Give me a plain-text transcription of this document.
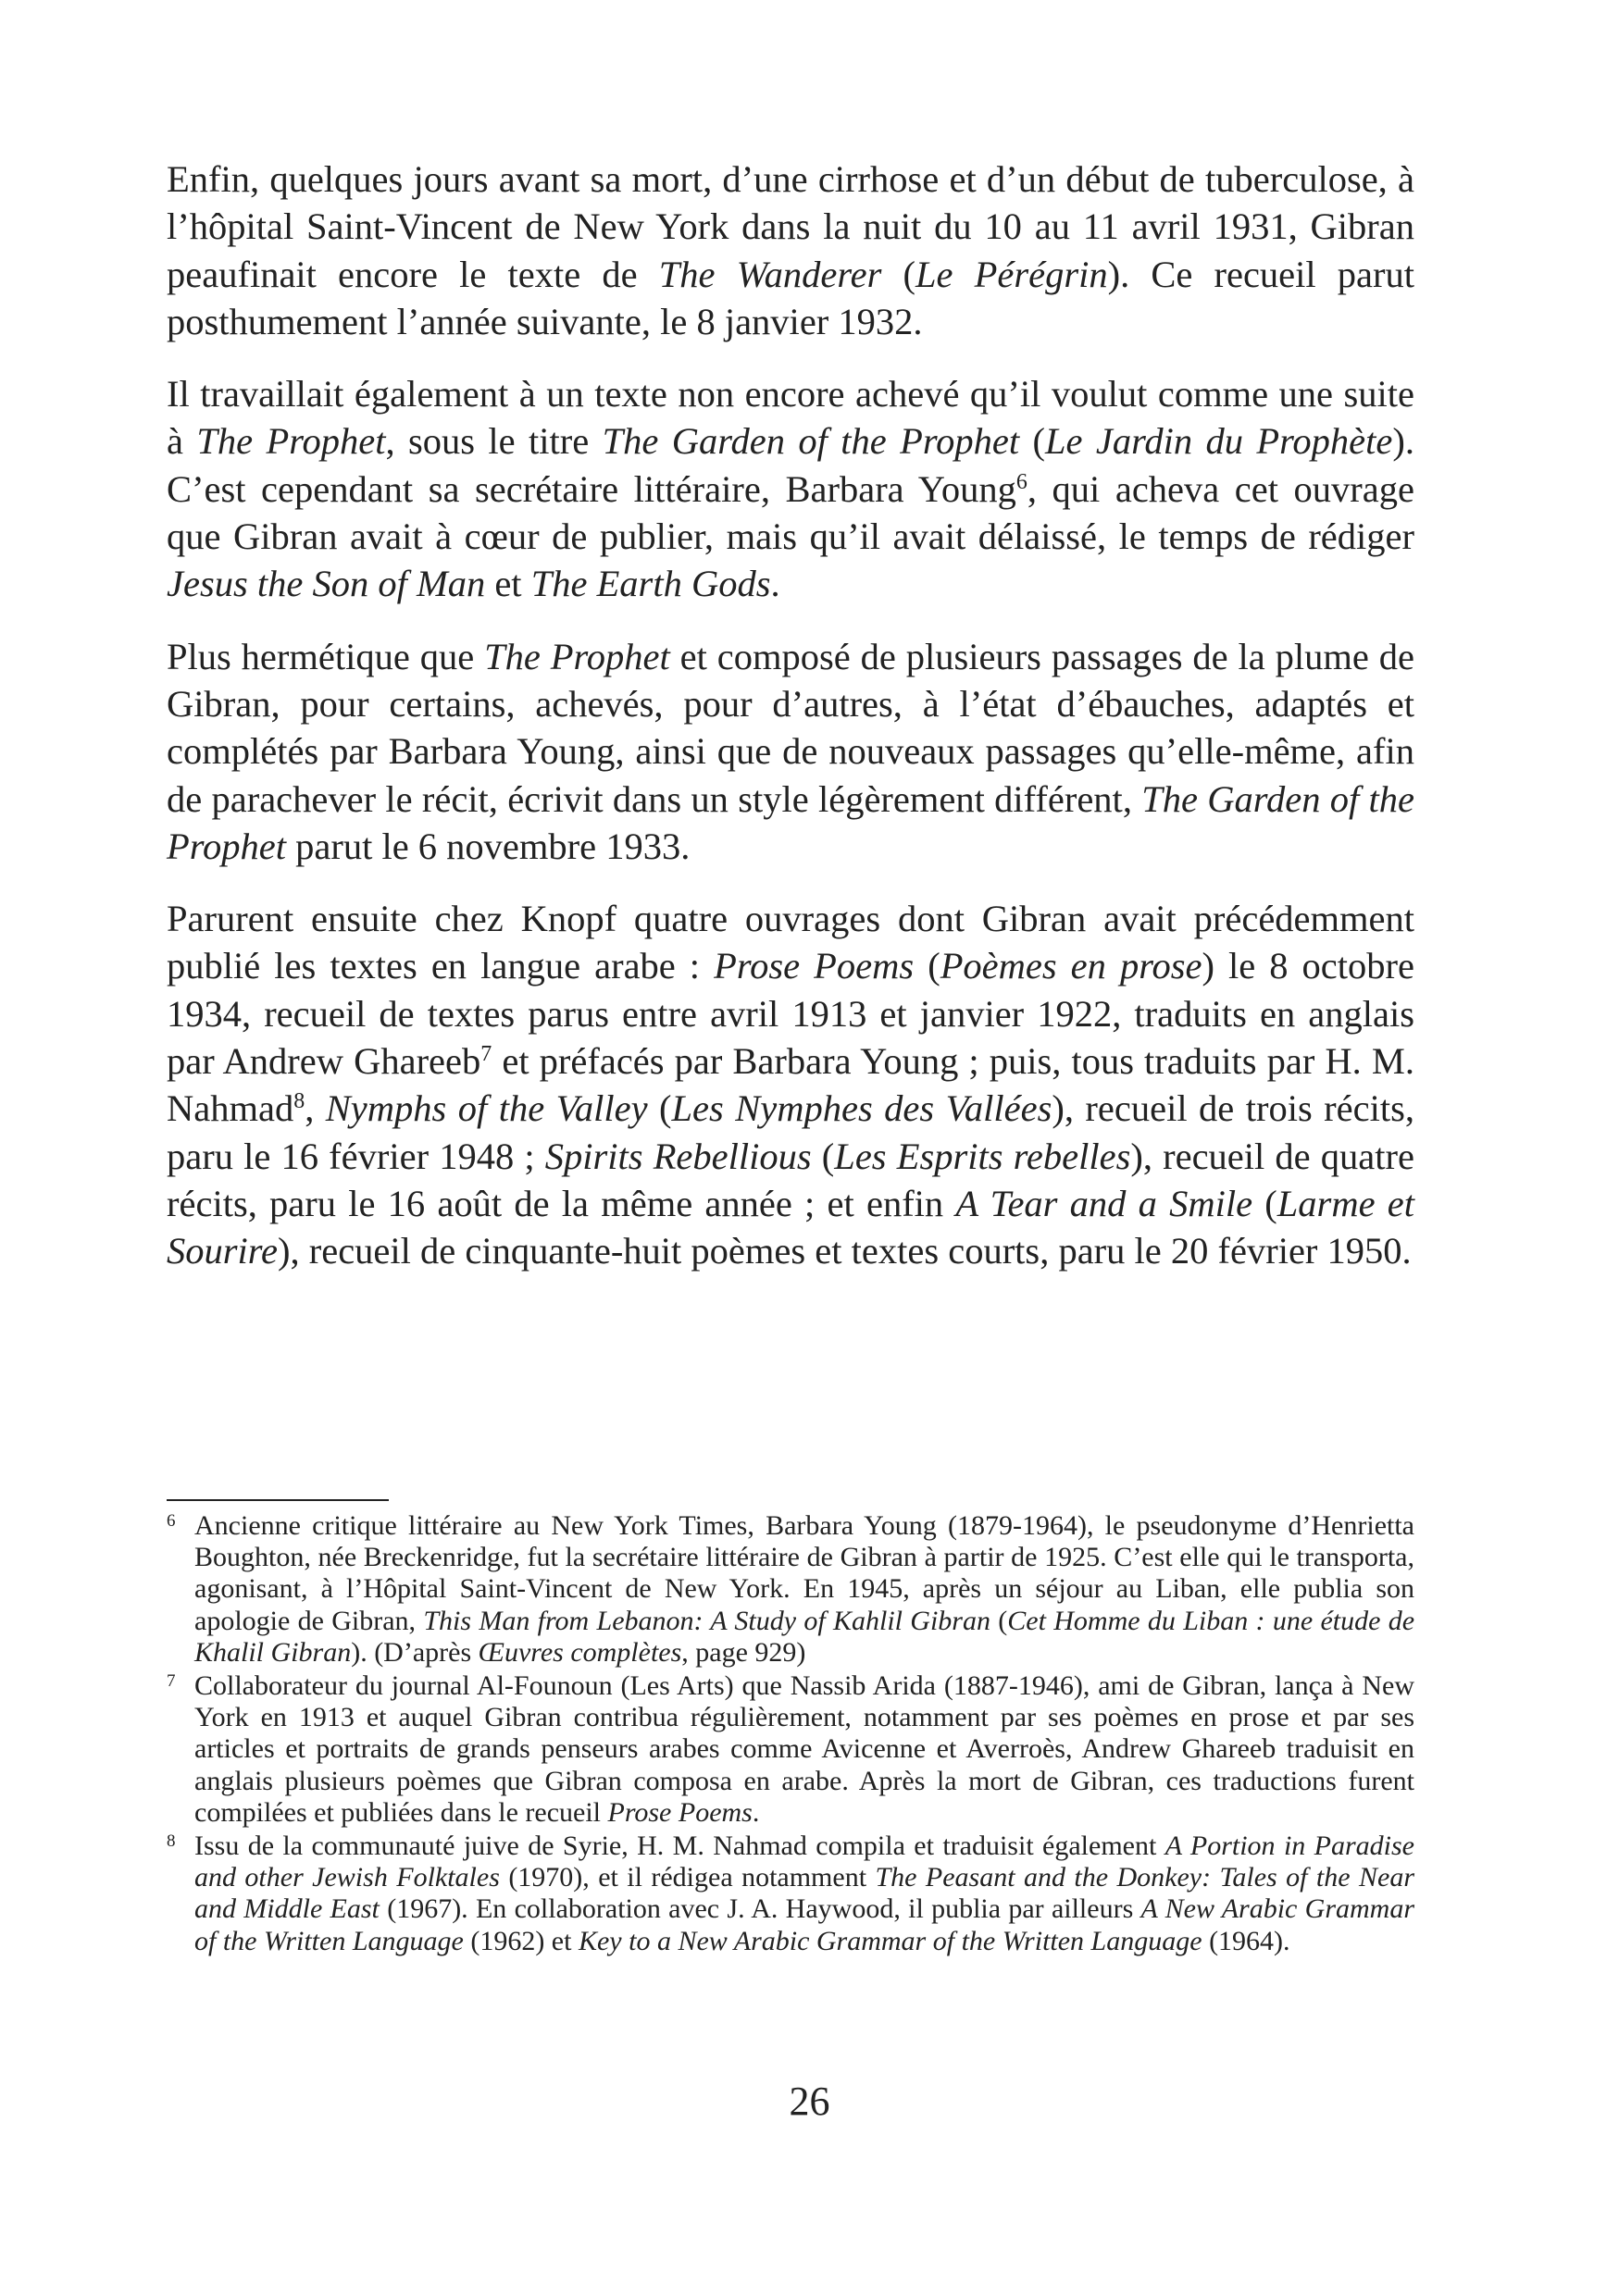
Enfin, quelques jours avant sa mort, d’une cirrhose et d’un début de tuberculose, à l’hôpital Saint-Vincent de New York dans la nuit du 10 au 11 avril 1931, Gibran peaufinait encore le texte de The Wanderer (Le Pérégrin). Ce recueil parut posthumement l’année suivante, le 8 janvier 1932.

Il travaillait également à un texte non encore achevé qu’il voulut comme une suite à The Prophet, sous le titre The Garden of the Prophet (Le Jardin du Prophète). C’est cependant sa secrétaire littéraire, Barbara Young$^6$, qui acheva cet ouvrage que Gibran avait à cœur de publier, mais qu’il avait délaissé, le temps de rédiger Jesus the Son of Man et The Earth Gods.

Plus hermétique que The Prophet et composé de plusieurs passages de la plume de Gibran, pour certains, achevés, pour d’autres, à l’état d’ébauches, adaptés et complétés par Barbara Young, ainsi que de nouveaux passages qu’elle-même, afin de parachever le récit, écrivit dans un style légèrement différent, The Garden of the Prophet parut le 6 novembre 1933.

Parurent ensuite chez Knopf quatre ouvrages dont Gibran avait précédemment publié les textes en langue arabe : Prose Poems (Poèmes en prose) le 8 octobre 1934, recueil de textes parus entre avril 1913 et janvier 1922, traduits en anglais par Andrew Ghareeb$^7$ et préfacés par Barbara Young ; puis, tous traduits par H. M. Nahmad$^8$, Nymphs of the Valley (Les Nymphes des Vallées), recueil de trois récits, paru le 16 février 1948 ; Spirits Rebellious (Les Esprits rebelles), recueil de quatre récits, paru le 16 août de la même année ; et enfin A Tear and a Smile (Larme et Sourire), recueil de cinquante-huit poèmes et textes courts, paru le 20 février 1950.

6 Ancienne critique littéraire au New York Times, Barbara Young (1879-1964), le pseudonyme d’Henrietta Boughton, née Breckenridge, fut la secrétaire littéraire de Gibran à partir de 1925. C’est elle qui le transporta, agonisant, à l’Hôpital Saint-Vincent de New York. En 1945, après un séjour au Liban, elle publia son apologie de Gibran, This Man from Lebanon: A Study of Kahlil Gibran (Cet Homme du Liban : une étude de Khalil Gibran). (D’après Œuvres complètes, page 929)
7 Collaborateur du journal Al-Founoun (Les Arts) que Nassib Arida (1887-1946), ami de Gibran, lança à New York en 1913 et auquel Gibran contribua régulièrement, notamment par ses poèmes en prose et par ses articles et portraits de grands penseurs arabes comme Avicenne et Averroès, Andrew Ghareeb traduisit en anglais plusieurs poèmes que Gibran composa en arabe. Après la mort de Gibran, ces traductions furent compilées et publiées dans le recueil Prose Poems.
8 Issu de la communauté juive de Syrie, H. M. Nahmad compila et traduisit également A Portion in Paradise and other Jewish Folktales (1970), et il rédigea notamment The Peasant and the Donkey: Tales of the Near and Middle East (1967). En collaboration avec J. A. Haywood, il publia par ailleurs A New Arabic Grammar of the Written Language (1962) et Key to a New Arabic Grammar of the Written Language (1964).
26
